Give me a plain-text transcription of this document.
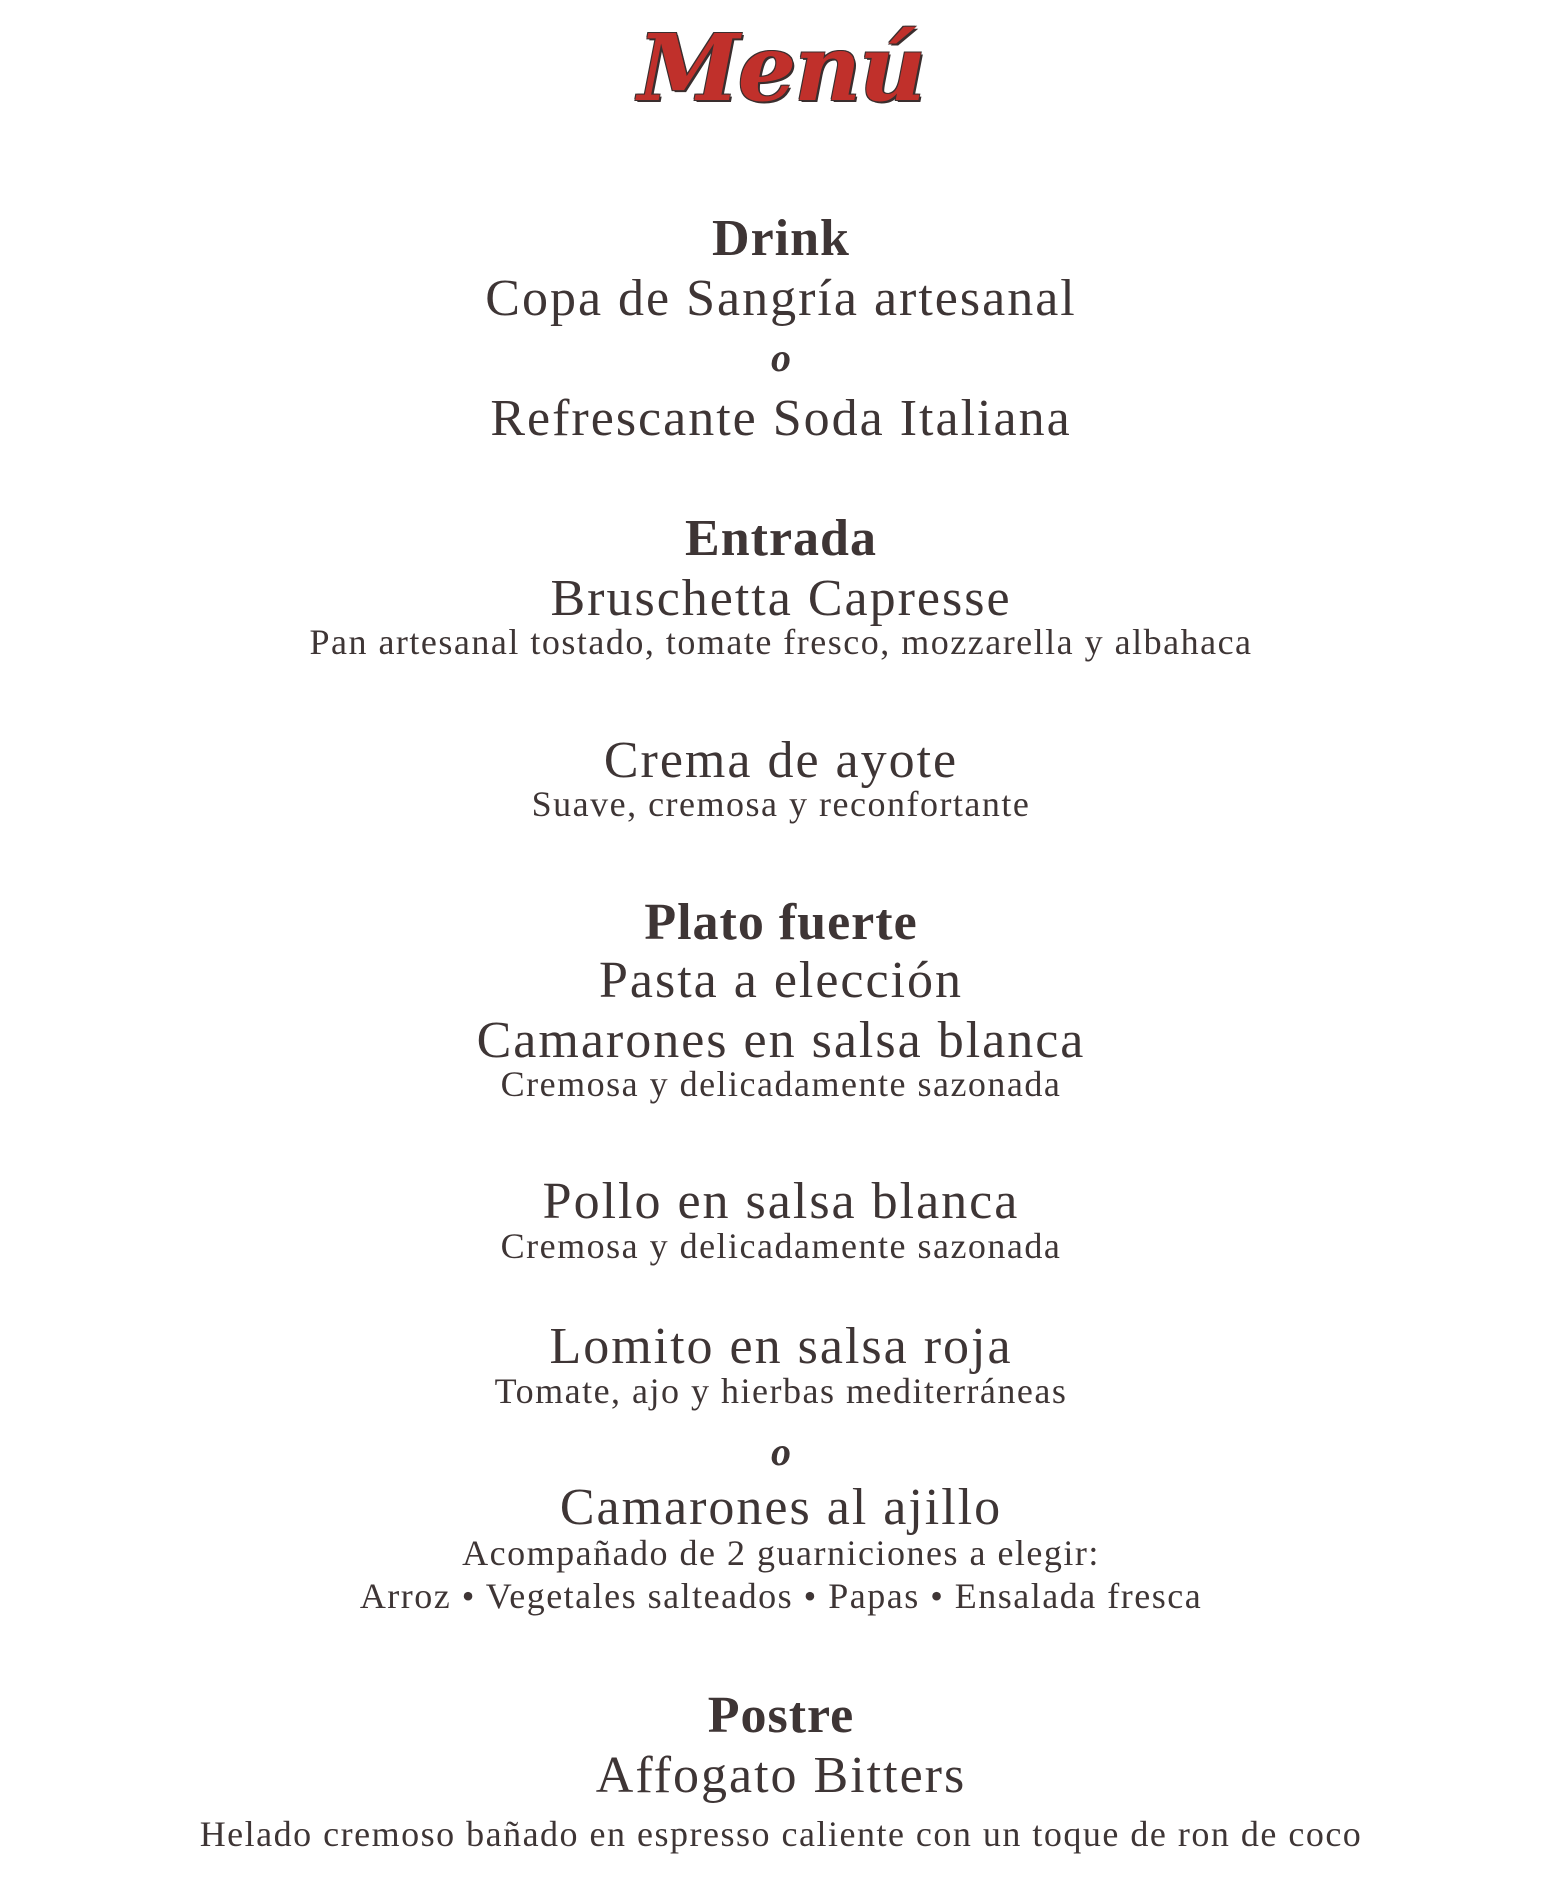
Menú
Drink
Copa de Sangría artesanal
o
Refrescante Soda Italiana
Entrada
Bruschetta Capresse
Pan artesanal tostado, tomate fresco, mozzarella y albahaca
Crema de ayote
Suave, cremosa y reconfortante
Plato fuerte
Pasta a elección
Camarones en salsa blanca
Cremosa y delicadamente sazonada
Pollo en salsa blanca
Cremosa y delicadamente sazonada
Lomito en salsa roja
Tomate, ajo y hierbas mediterráneas
o
Camarones al ajillo
Acompañado de 2 guarniciones a elegir:
Arroz • Vegetales salteados • Papas • Ensalada fresca
Postre
Affogato Bitters
Helado cremoso bañado en espresso caliente con un toque de ron de coco
